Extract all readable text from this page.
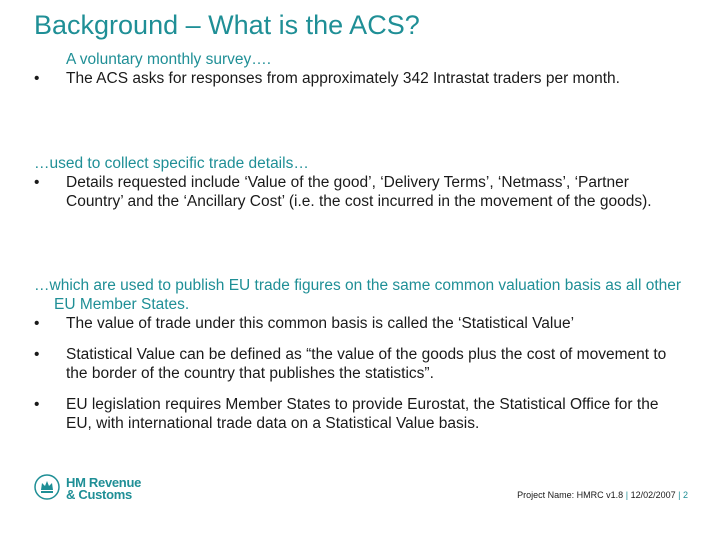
Background – What is the ACS?
A voluntary monthly survey….
•	The ACS asks for responses from approximately 342 Intrastat traders per month.
…used to collect specific trade details…
•	Details requested include ‘Value of the good’, ‘Delivery Terms’, ‘Netmass’, ‘Partner Country’ and the ‘Ancillary Cost’ (i.e. the cost incurred in the movement of the goods).
…which are used to publish EU trade figures on the same common valuation basis as all other EU Member States.
•	The value of trade under this common basis is called the ‘Statistical Value’
•	Statistical Value can be defined as “the value of the goods plus the cost of movement to the border of the country that publishes the statistics”.
•	EU legislation requires Member States to provide Eurostat, the Statistical Office for the EU, with international trade data on a Statistical Value basis.
HM Revenue
& Customs	Project Name: HMRC v1.8 | 12/02/2007 | 2
